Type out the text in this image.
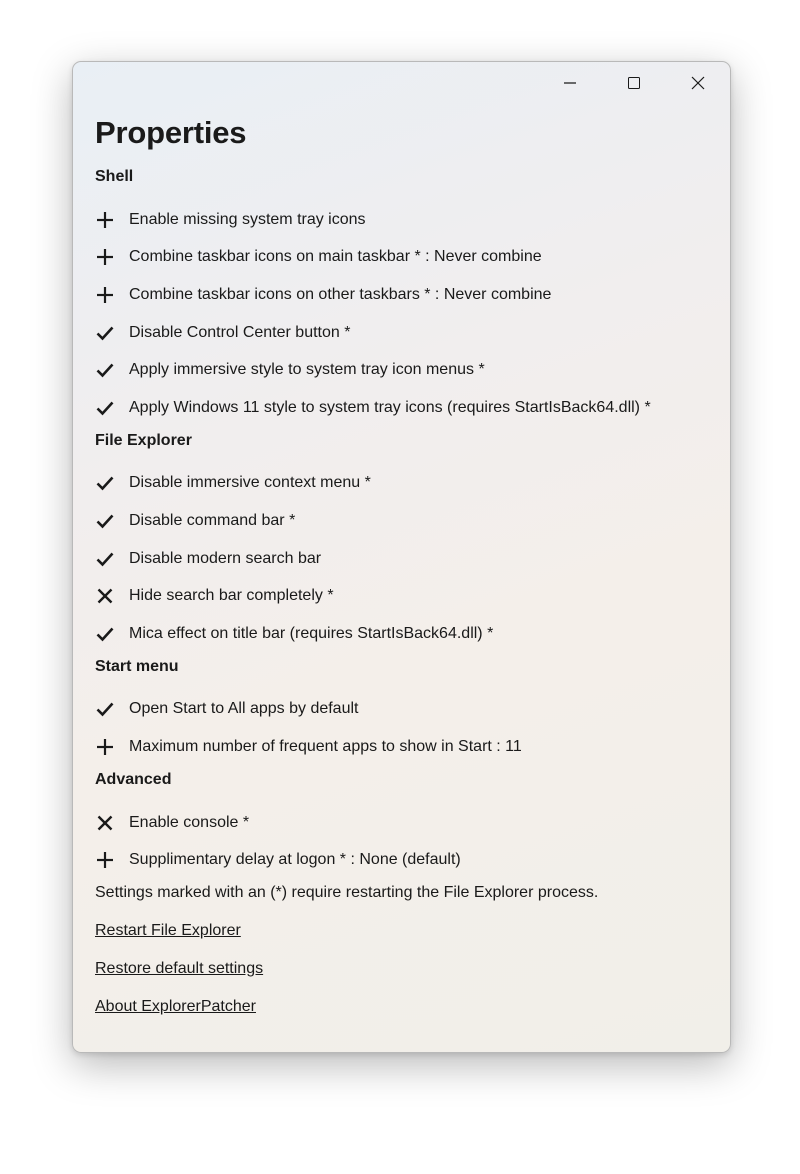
Properties
Shell
Enable missing system tray icons
Combine taskbar icons on main taskbar * : Never combine
Combine taskbar icons on other taskbars * : Never combine
Disable Control Center button *
Apply immersive style to system tray icon menus *
Apply Windows 11 style to system tray icons (requires StartIsBack64.dll) *
File Explorer
Disable immersive context menu *
Disable command bar *
Disable modern search bar
Hide search bar completely *
Mica effect on title bar (requires StartIsBack64.dll) *
Start menu
Open Start to All apps by default
Maximum number of frequent apps to show in Start : 11
Advanced
Enable console *
Supplimentary delay at logon * : None (default)
Settings marked with an (*) require restarting the File Explorer process.
Restart File Explorer
Restore default settings
About ExplorerPatcher
